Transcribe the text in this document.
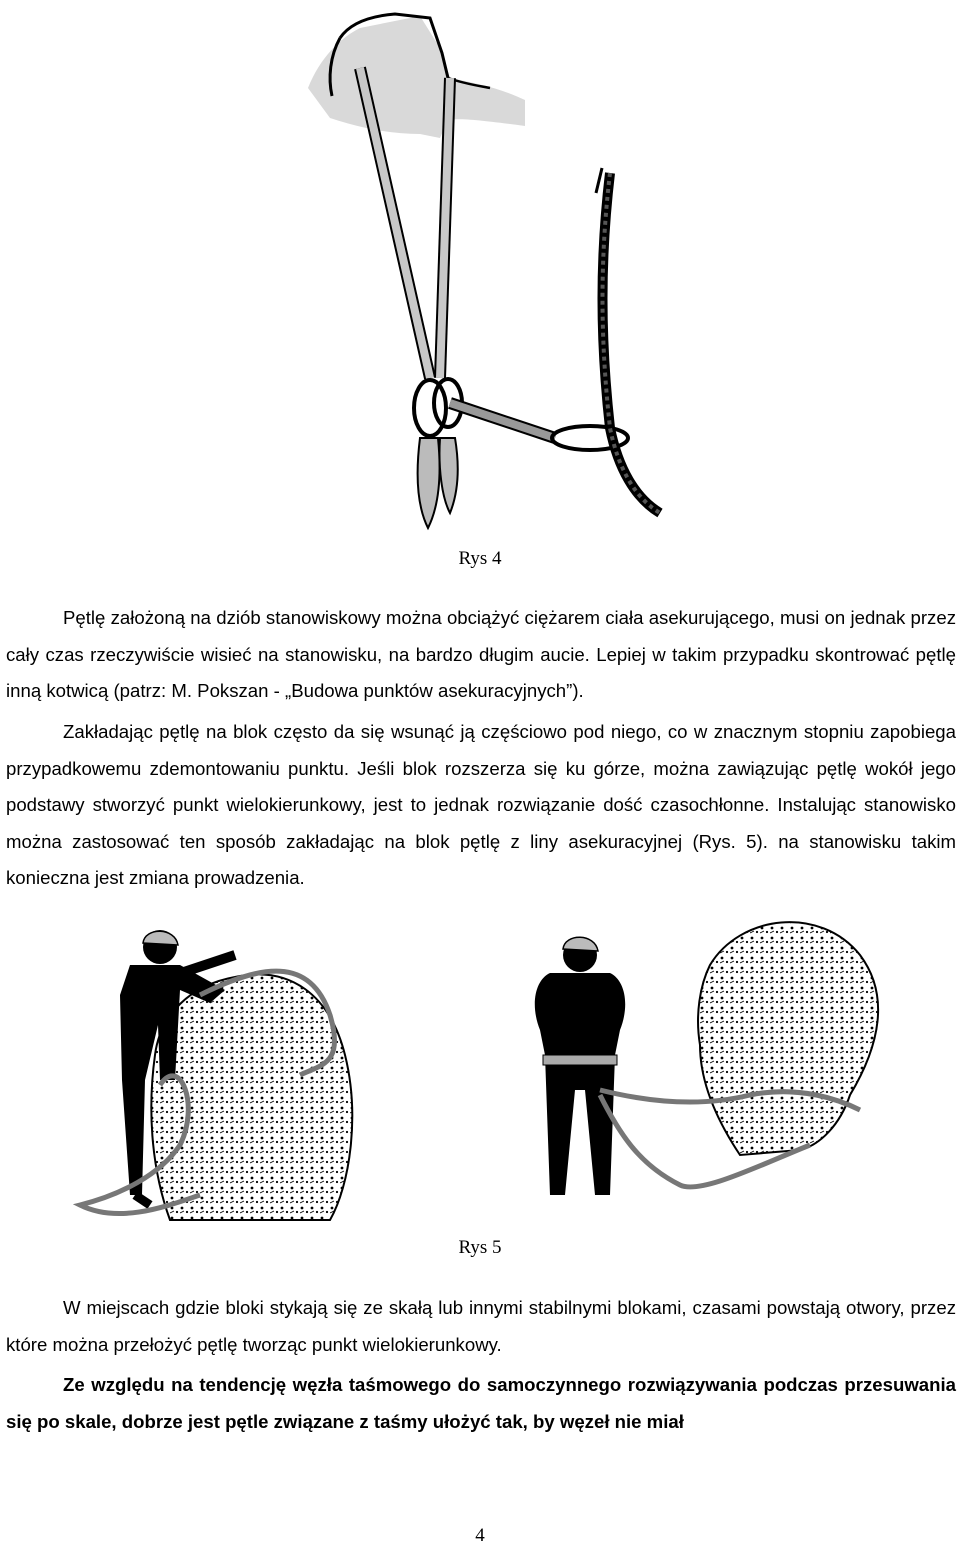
Rys 4

Pętlę założoną na dziób stanowiskowy można obciążyć ciężarem ciała asekurującego, musi on jednak przez cały czas rzeczywiście wisieć na stanowisku, na bardzo długim aucie. Lepiej w takim przypadku skontrować pętlę inną kotwicą (patrz: M. Pokszan - „Budowa punktów asekuracyjnych”).

Zakładając pętlę na blok często da się wsunąć ją częściowo pod niego, co w znacznym stopniu zapobiega przypadkowemu zdemontowaniu punktu. Jeśli blok rozszerza się ku górze, można zawiązując pętlę wokół jego podstawy stworzyć punkt wielokierunkowy, jest to jednak rozwiązanie dość czasochłonne. Instalując stanowisko można zastosować ten sposób zakładając na blok pętlę z liny asekuracyjnej (Rys. 5). na stanowisku takim konieczna jest zmiana prowadzenia.

Rys 5

W miejscach gdzie bloki stykają się ze skałą lub innymi stabilnymi blokami, czasami powstają otwory, przez które można przełożyć pętlę tworząc punkt wielokierunkowy.

Ze względu na tendencję węzła taśmowego do samoczynnego rozwiązywania podczas przesuwania się po skale, dobrze jest pętle związane z taśmy ułożyć tak, by węzeł nie miał

4
